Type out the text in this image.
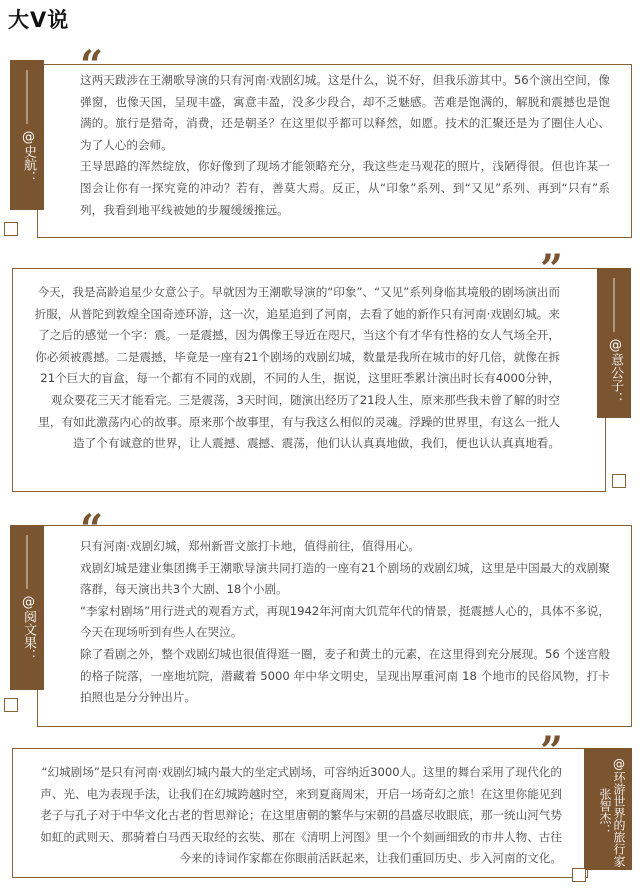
大V说
@史航：
“

这两天跋涉在王潮歌导演的只有河南·戏剧幻城。这是什么，说不好，但我乐游其中。56个演出空间，像弹窗，也像天国，呈现丰盛，寓意丰盈，没多少段合，却不乏魅感。苦难是饱满的，解脱和震撼也是饱满的。旅行是猎奇，消费，还是朝圣？在这里似乎都可以释然，如愿。技术的汇聚还是为了圈住人心、为了人心的会师。

王导思路的浑然绽放，你好像到了现场才能领略充分，我这些走马观花的照片，浅陋得很。但也许某一图会让你有一探究竟的冲动？若有，善莫大焉。反正，从“印象”系列、到“又见”系列、再到“只有”系列，我看到地平线被她的步履缓缓推远。

@意公子：
”

今天，我是高龄追星少女意公子。早就因为王潮歌导演的“印象”、“又见”系列身临其境般的剧场演出而折服，从普陀到敦煌全国奇迹环游，这一次，追星追到了河南，去看了她的新作只有河南·戏剧幻城。来了之后的感觉一个字：震。一是震撼，因为偶像王导近在咫尺，当这个有才华有性格的女人气场全开，你必须被震撼。二是震撼，毕竟是一座有21个剧场的戏剧幻城，数量是我所在城市的好几倍，就像在拆21个巨大的盲盒，每一个都有不同的戏剧，不同的人生，据说，这里旺季累计演出时长有4000分钟，观众要花三天才能看完。三是震荡，3天时间，随演出经历了21段人生，原来那些我未曾了解的时空里，有如此激荡内心的故事。原来那个故事里，有与我这么相似的灵魂。浮躁的世界里，有这么一批人造了个有诚意的世界，让人震撼、震撼、震荡，他们认认真真地做，我们，便也认认真真地看。

@阅文果：
“

只有河南·戏剧幻城，郑州新晋文旅打卡地，值得前往，值得用心。

戏剧幻城是建业集团携手王潮歌导演共同打造的一座有21个剧场的戏剧幻城，这里是中国最大的戏剧聚落群，每天演出共3个大剧、18个小剧。

“李家村剧场”用行进式的观看方式，再现1942年河南大饥荒年代的情景，挺震撼人心的，具体不多说，今天在现场听到有些人在哭泣。

除了看剧之外，整个戏剧幻城也很值得逛一圈，麦子和黄土的元素，在这里得到充分展现。56 个迷宫般的格子院落，一座地坑院，潜藏着 5000 年中华文明史，呈现出厚重河南 18 个地市的民俗风物，打卡拍照也是分分钟出片。

@环游世界的旅行家张智杰：
”

“幻城剧场”是只有河南·戏剧幻城内最大的坐定式剧场，可容纳近3000人。这里的舞台采用了现代化的声、光、电为表现手法，让我们在幻城跨越时空，来到夏商周宋，开启一场奇幻之旅！在这里你能见到老子与孔子对于中华文化古老的哲思辩论；在这里唐朝的繁华与宋朝的昌盛尽收眼底，那一统山河气势如虹的武则天、那骑着白马西天取经的玄奘、那在《清明上河图》里一个个刻画细致的市井人物、古往今来的诗词作家都在你眼前活跃起来，让我们重回历史、步入河南的文化。
